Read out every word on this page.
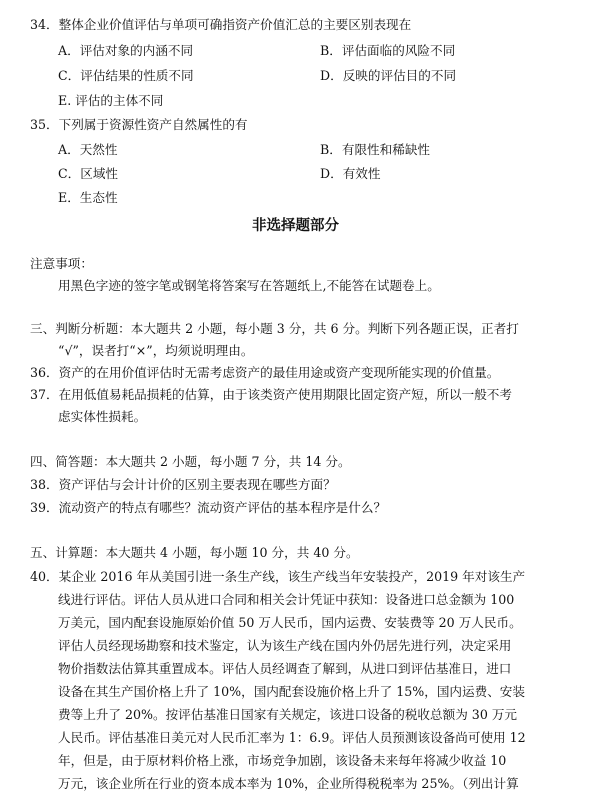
34．整体企业价值评估与单项可确指资产价值汇总的主要区别表现在
A．评估对象的内涵不同	B．评估面临的风险不同
C．评估结果的性质不同	D．反映的评估目的不同
E. 评估的主体不同
35．下列属于资源性资产自然属性的有
A．天然性	B．有限性和稀缺性
C．区域性	D．有效性
E．生态性
非选择题部分
注意事项：
用黑色字迹的签字笔或钢笔将答案写在答题纸上,不能答在试题卷上。
三、判断分析题：本大题共 2 小题，每小题 3 分，共 6 分。判断下列各题正误，正者打
“√”，误者打“×”，均须说明理由。
36．资产的在用价值评估时无需考虑资产的最佳用途或资产变现所能实现的价值量。
37．在用低值易耗品损耗的估算，由于该类资产使用期限比固定资产短，所以一般不考
虑实体性损耗。
四、简答题：本大题共 2 小题，每小题 7 分，共 14 分。
38．资产评估与会计计价的区别主要表现在哪些方面？
39．流动资产的特点有哪些？流动资产评估的基本程序是什么？
五、计算题：本大题共 4 小题，每小题 10 分，共 40 分。
40．某企业 2016 年从美国引进一条生产线，该生产线当年安装投产，2019 年对该生产
线进行评估。评估人员从进口合同和相关会计凭证中获知：设备进口总金额为 100
万美元，国内配套设施原始价值 50 万人民币，国内运费、安装费等 20 万人民币。
评估人员经现场勘察和技术鉴定，认为该生产线在国内外仍居先进行列，决定采用
物价指数法估算其重置成本。评估人员经调查了解到，从进口到评估基准日，进口
设备在其生产国价格上升了 10%，国内配套设施价格上升了 15%，国内运费、安装
费等上升了 20%。按评估基准日国家有关规定，该进口设备的税收总额为 30 万元
人民币。评估基准日美元对人民币汇率为 1：6.9。评估人员预测该设备尚可使用 12
年，但是，由于原材料价格上涨，市场竞争加剧，该设备未来每年将减少收益 10
万元，该企业所在行业的资本成本率为 10%，企业所得税税率为 25%。（列出计算
